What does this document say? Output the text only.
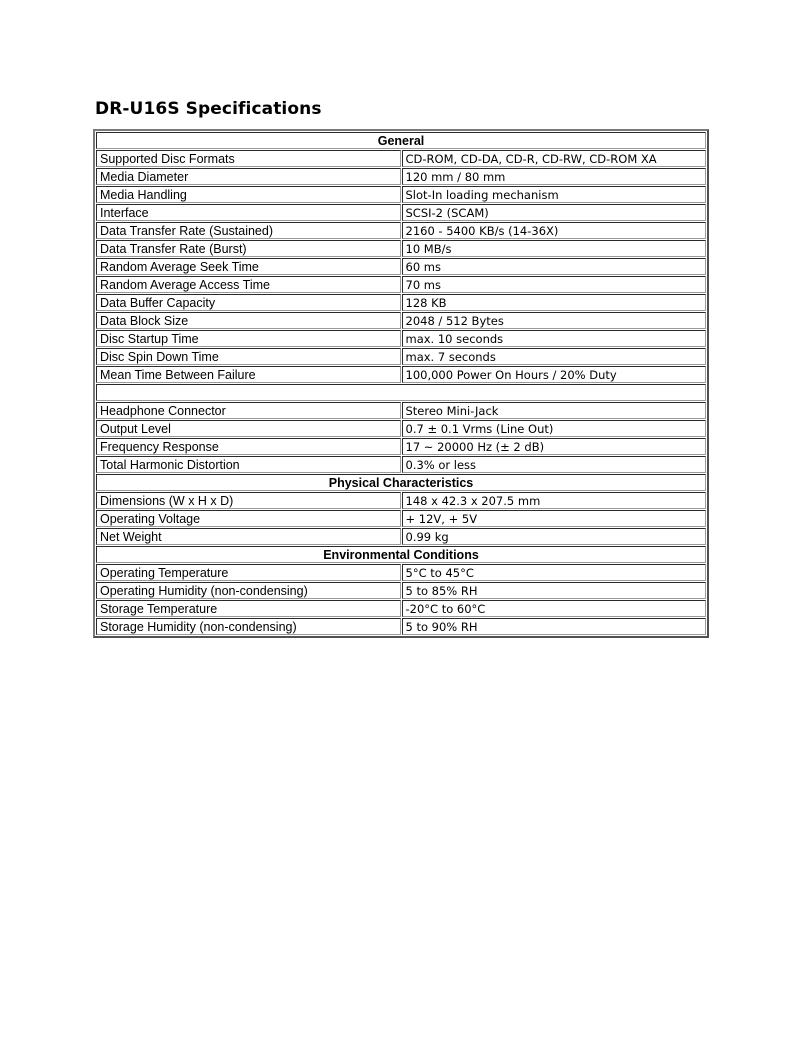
DR-U16S Specifications
General	
Supported Disc Formats	CD-ROM, CD-DA, CD-R, CD-RW, CD-ROM XA
Media Diameter	120 mm / 80 mm
Media Handling	Slot-In loading mechanism
Interface	SCSI-2 (SCAM)
Data Transfer Rate (Sustained)	2160 - 5400 KB/s (14-36X)
Data Transfer Rate (Burst)	10 MB/s
Random Average Seek Time	60 ms
Random Average Access Time	70 ms
Data Buffer Capacity	128 KB
Data Block Size	2048 / 512 Bytes
Disc Startup Time	max. 10 seconds
Disc Spin Down Time	max. 7 seconds
Mean Time Between Failure	100,000 Power On Hours / 20% Duty

Headphone Connector	Stereo Mini-Jack
Output Level	0.7 ± 0.1 Vrms (Line Out)
Frequency Response	17 ~ 20000 Hz (± 2 dB)
Total Harmonic Distortion	0.3% or less
Physical Characteristics	
Dimensions (W x H x D)	148 x 42.3 x 207.5 mm
Operating Voltage	+ 12V, + 5V
Net Weight	0.99 kg
Environmental Conditions	
Operating Temperature	5°C to 45°C
Operating Humidity (non-condensing)	5 to 85% RH
Storage Temperature	-20°C to 60°C
Storage Humidity (non-condensing)	5 to 90% RH
